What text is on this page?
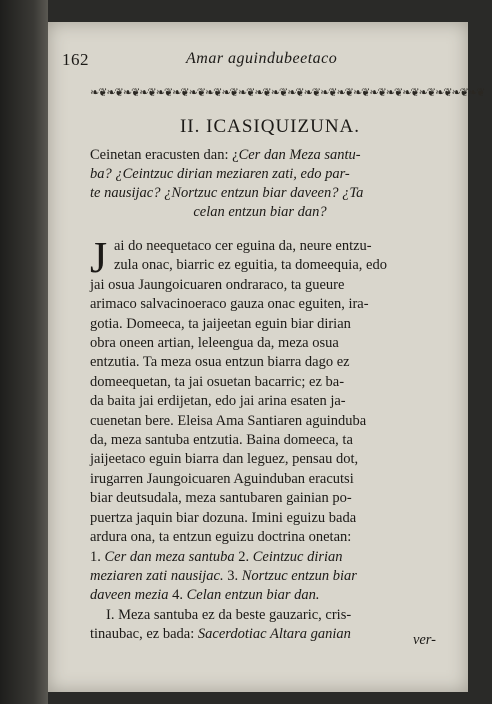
162	Amar aguindubeetaco
❧❦❧❦❧❦❧❦❧❦❧❦❧❦❧❦❧❦❧❦❧❦❧❦❧❦❧❦❧❦❧❦❧❦❧❦❧❦❧❦❧❦❧❦❧❦❧❦
II. ICASIQUIZUNA.
Ceinetan eracusten dan: ¿Cer dan Meza santu-
ba? ¿Ceintzuc dirian meziaren zati, edo par-
te nausijac? ¿Nortzuc entzun biar daveen? ¿Ta
celan entzun biar dan?
J ai do neequetaco cer eguina da, neure entzu-
zula onac, biarric ez eguitia, ta domeequia, edo
jai osua Jaungoicuaren ondraraco, ta gueure
arimaco salvacinoeraco gauza onac eguiten, ira-
gotia. Domeeca, ta jaijeetan eguin biar dirian
obra oneen artian, leleengua da, meza osua
entzutia. Ta meza osua entzun biarra dago ez
domeequetan, ta jai osuetan bacarric; ez ba-
da baita jai erdijetan, edo jai arina esaten ja-
cuenetan bere. Eleisa Ama Santiaren aguinduba
da, meza santuba entzutia. Baina domeeca, ta
jaijeetaco eguin biarra dan leguez, pensau dot,
irugarren Jaungoicuaren Aguinduban eracutsi
biar deutsudala, meza santubaren gainian po-
puertza jaquin biar dozuna. Imini eguizu bada
ardura ona, ta entzun eguizu doctrina onetan:
1. Cer dan meza santuba 2. Ceintzuc dirian
meziaren zati nausijac. 3. Nortzuc entzun biar
daveen mezia 4. Celan entzun biar dan.
I. Meza santuba ez da beste gauzaric, cris-
tinaubac, ez bada: Sacerdotiac Altara ganian	ver-
